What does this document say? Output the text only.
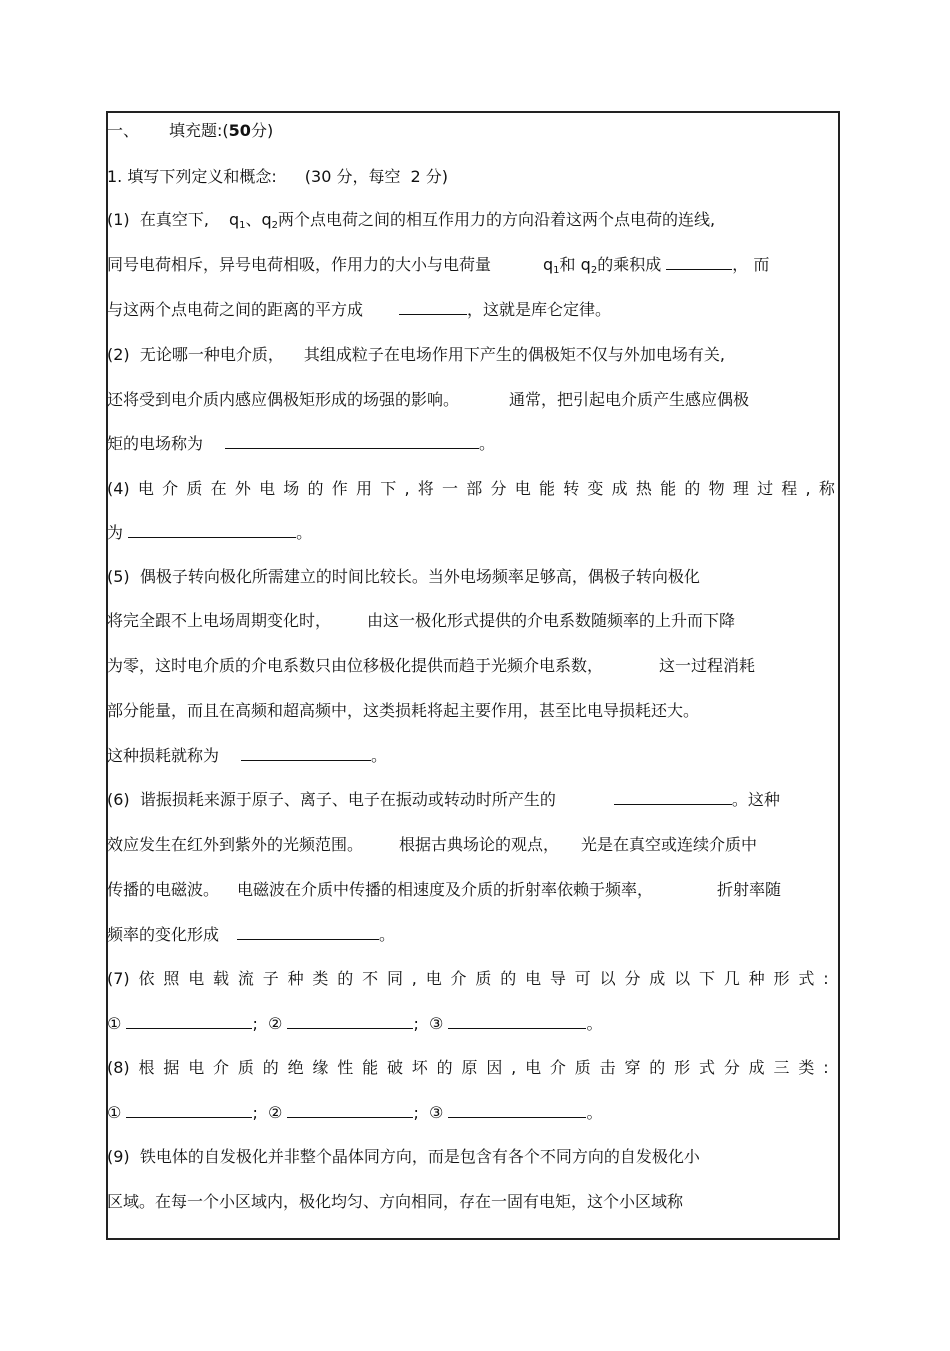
一、 填充题:(50分)
1. 填写下列定义和概念: (30 分，每空 2 分)
(1) 在真空下, $q_1$、$q_2$两个点电荷之间的相互作用力的方向沿着这两个点电荷的连线,
同号电荷相斥，异号电荷相吸，作用力的大小与电荷量	$q_1$和 $q_2$的乘积成	， 而
与这两个点电荷之间的距离的平方成	，这就是库仑定律。
(2) 无论哪一种电介质， 其组成粒子在电场作用下产生的偶极矩不仅与外加电场有关,
还将受到电介质内感应偶极矩形成的场强的影响。	通常，把引起电介质产生感应偶极
矩的电场称为	。
(4) 电 介 质 在 外 电 场 的 作 用 下 , 将 一 部 分 电 能 转 变 成 热 能 的 物 理 过 程 , 称
为	。
(5) 偶极子转向极化所需建立的时间比较长。当外电场频率足够高，偶极子转向极化
将完全跟不上电场周期变化时， 由这一极化形式提供的介电系数随频率的上升而下降
为零，这时电介质的介电系数只由位移极化提供而趋于光频介电系数，	这一过程消耗
部分能量，而且在高频和超高频中，这类损耗将起主要作用，甚至比电导损耗还大。
这种损耗就称为	。
(6) 谐振损耗来源于原子、离子、电子在振动或转动时所产生的	。这种
效应发生在红外到紫外的光频范围。 根据古典场论的观点， 光是在真空或连续介质中
传播的电磁波。 电磁波在介质中传播的相速度及介质的折射率依赖于频率，	折射率随
频率的变化形成	。
(7) 依 照 电 载 流 子 种 类 的 不 同 , 电 介 质 的 电 导 可 以 分 成 以 下 几 种 形 式 :
①	; ②	; ③	。
(8) 根 据 电 介 质 的 绝 缘 性 能 破 坏 的 原 因 , 电 介 质 击 穿 的 形 式 分 成 三 类 :
①	; ②	; ③	。
(9) 铁电体的自发极化并非整个晶体同方向，而是包含有各个不同方向的自发极化小
区域。在每一个小区域内，极化均匀、方向相同，存在一固有电矩，这个小区域称
